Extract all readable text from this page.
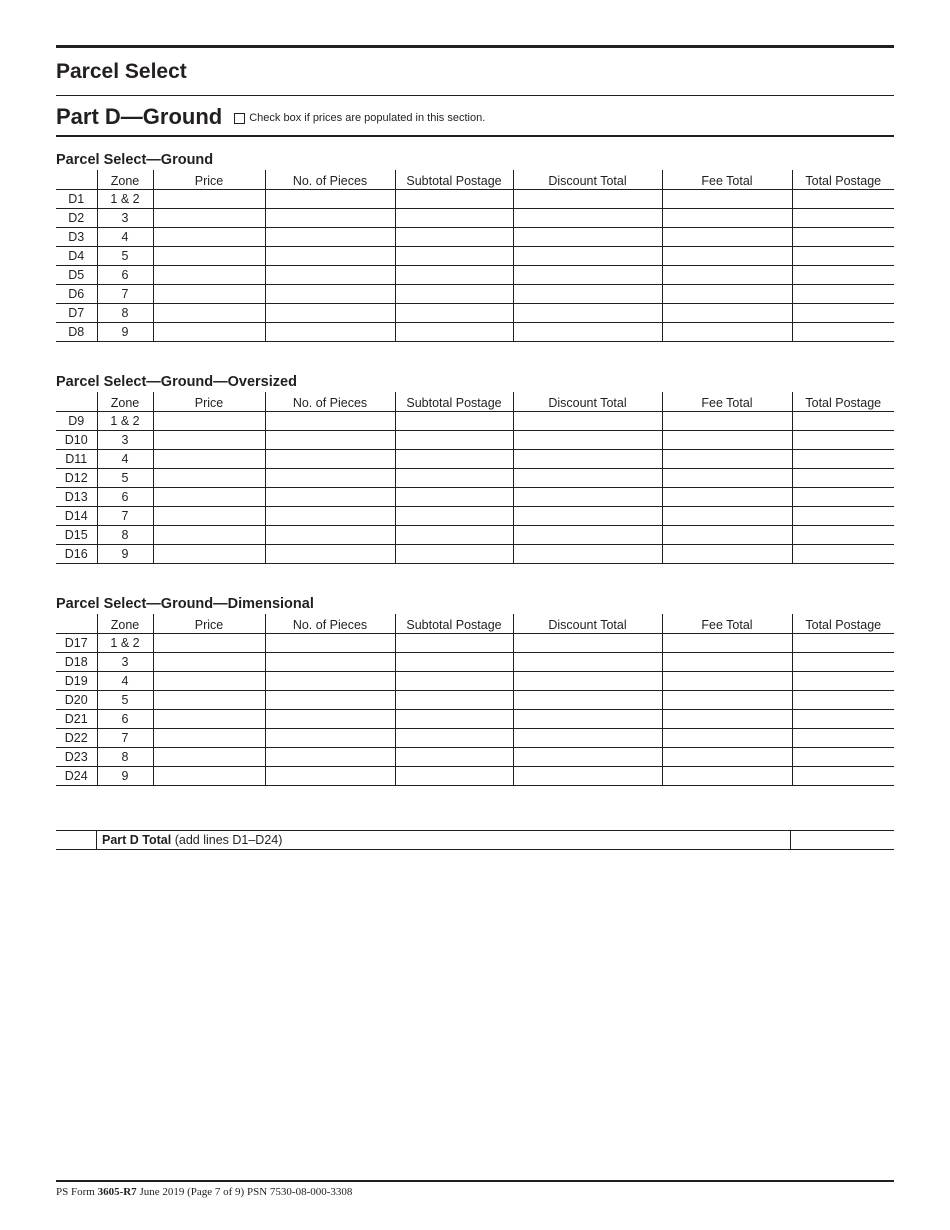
Parcel Select
Part D—Ground Check box if prices are populated in this section.
Parcel Select—Ground
	Zone	Price	No. of Pieces	Subtotal Postage	Discount Total	Fee Total	Total Postage
D1	1 & 2						
D2	3						
D3	4						
D4	5						
D5	6						
D6	7						
D7	8						
D8	9						
Parcel Select—Ground—Oversized
	Zone	Price	No. of Pieces	Subtotal Postage	Discount Total	Fee Total	Total Postage
D9	1 & 2						
D10	3						
D11	4						
D12	5						
D13	6						
D14	7						
D15	8						
D16	9						
Parcel Select—Ground—Dimensional
	Zone	Price	No. of Pieces	Subtotal Postage	Discount Total	Fee Total	Total Postage
D17	1 & 2						
D18	3						
D19	4						
D20	5						
D21	6						
D22	7						
D23	8						
D24	9						
Part D Total (add lines D1–D24)
PS Form 3605-R7 June 2019 (Page 7 of 9) PSN 7530-08-000-3308
